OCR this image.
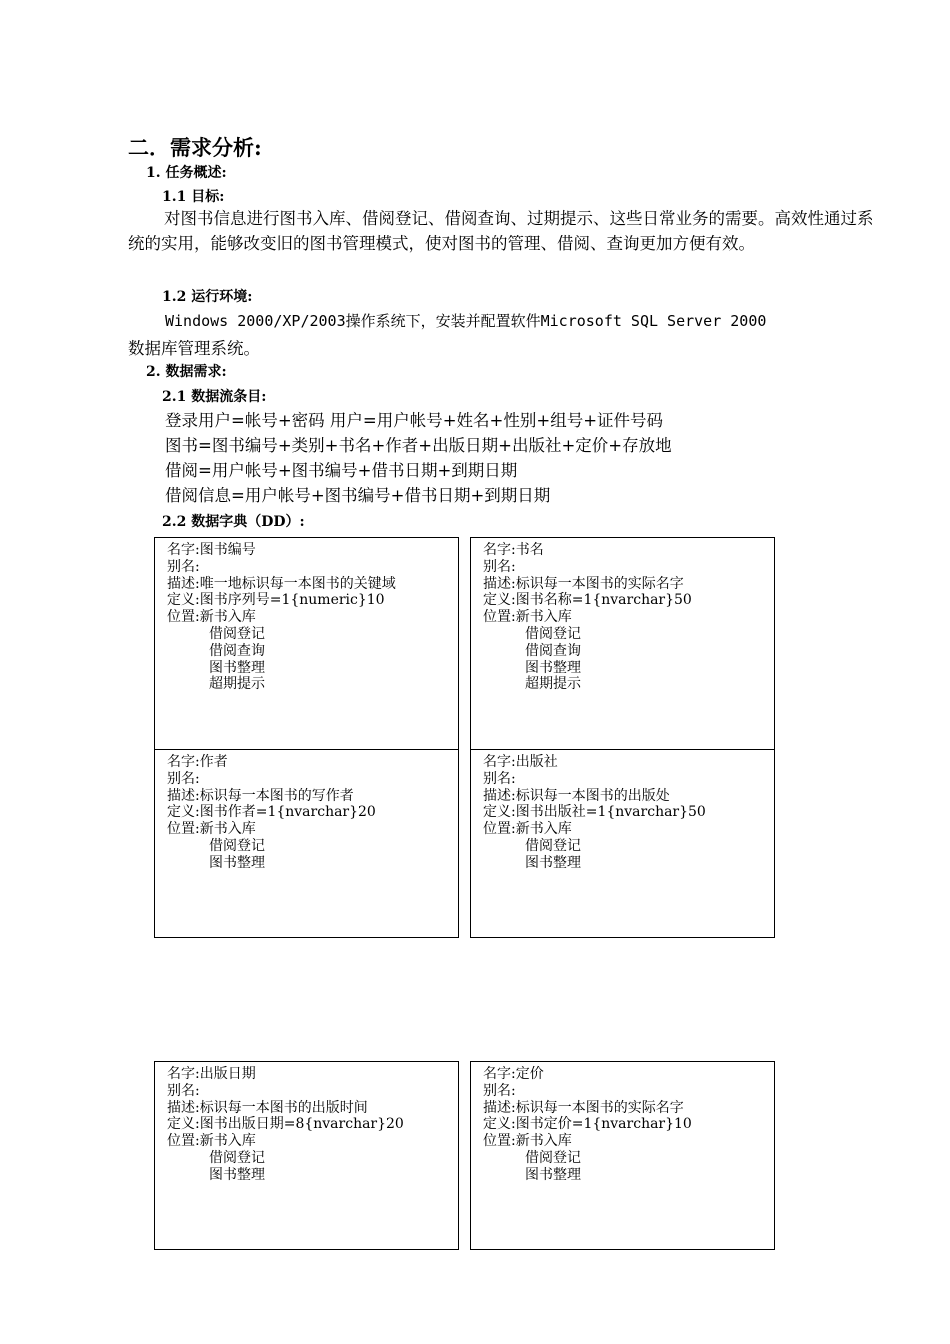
二．需求分析:
1. 任务概述:
1.1 目标:
对图书信息进行图书入库、借阅登记、借阅查询、过期提示、这些日常业务的需要。高效性通过系统的实用，能够改变旧的图书管理模式，使对图书的管理、借阅、查询更加方便有效。
1.2 运行环境:
Windows 2000/XP/2003操作系统下，安装并配置软件Microsoft SQL Server 2000
数据库管理系统。
2. 数据需求:
2.1 数据流条目:
登录用户=帐号+密码 用户=用户帐号+姓名+性别+组号+证件号码
图书=图书编号+类别+书名+作者+出版日期+出版社+定价+存放地
借阅=用户帐号+图书编号+借书日期+到期日期
借阅信息=用户帐号+图书编号+借书日期+到期日期
2.2 数据字典（DD）:
名字:图书编号
别名:
描述:唯一地标识每一本图书的关键域
定义:图书序列号=1{numeric}10
位置:新书入库
借阅登记
借阅查询
图书整理
超期提示
名字:书名
别名:
描述:标识每一本图书的实际名字
定义:图书名称=1{nvarchar}50
位置:新书入库
借阅登记
借阅查询
图书整理
超期提示
名字:作者
别名:
描述:标识每一本图书的写作者
定义:图书作者=1{nvarchar}20
位置:新书入库
借阅登记
图书整理
名字:出版社
别名:
描述:标识每一本图书的出版处
定义:图书出版社=1{nvarchar}50
位置:新书入库
借阅登记
图书整理
名字:出版日期
别名:
描述:标识每一本图书的出版时间
定义:图书出版日期=8{nvarchar}20
位置:新书入库
借阅登记
图书整理
名字:定价
别名:
描述:标识每一本图书的实际名字
定义:图书定价=1{nvarchar}10
位置:新书入库
借阅登记
图书整理
